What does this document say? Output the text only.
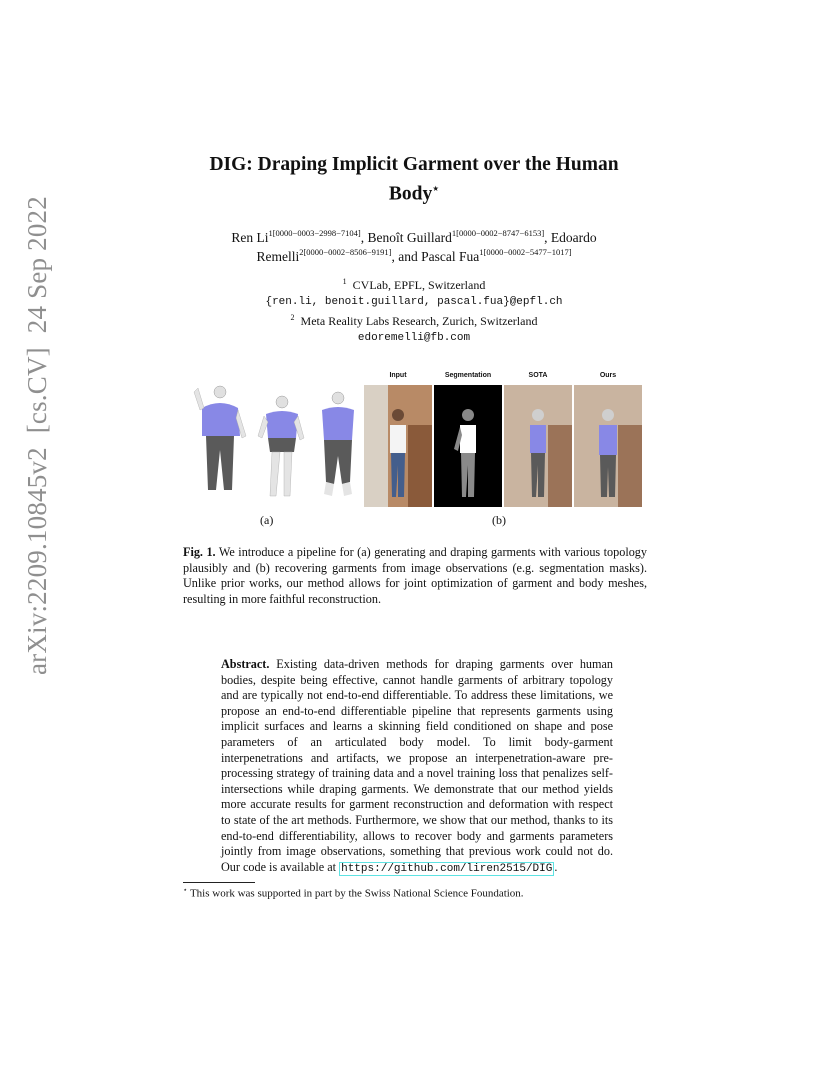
arXiv:2209.10845v2  [cs.CV]  24 Sep 2022
DIG: Draping Implicit Garment over the Human
Body⋆
Ren $Li^{1[0000-0003-2998-7104]}$, Benoît Guillard$^{1[0000-0002-8747-6153]}$, Edoardo Remelli$^{2[0000-0002-8506-9191]}$, and Pascal Fua$^{1[0000-0002-5477-1017]}$
$^1$ CVLab, EPFL, Switzerland
{ren.li, benoit.guillard, pascal.fua}@epfl.ch
$^2$ Meta Reality Labs Research, Zurich, Switzerland
edoremelli@fb.com
(a)
Input	Segmentation	SOTA	Ours
(b)
Fig. 1. We introduce a pipeline for (a) generating and draping garments with various topology plausibly and (b) recovering garments from image observations (e.g. segmentation masks). Unlike prior works, our method allows for joint optimization of garment and body meshes, resulting in more faithful reconstruction.
Abstract. Existing data-driven methods for draping garments over human bodies, despite being effective, cannot handle garments of arbitrary topology and are typically not end-to-end differentiable. To address these limitations, we propose an end-to-end differentiable pipeline that represents garments using implicit surfaces and learns a skinning field conditioned on shape and pose parameters of an articulated body model. To limit body-garment interpenetrations and artifacts, we propose an interpenetration-aware pre-processing strategy of training data and a novel training loss that penalizes self-intersections while draping garments. We demonstrate that our method yields more accurate results for garment reconstruction and deformation with respect to state of the art methods. Furthermore, we show that our method, thanks to its end-to-end differentiability, allows to recover body and garments parameters jointly from image observations, something that previous work could not do. Our code is available at https://github.com/liren2515/DIG .
⋆ This work was supported in part by the Swiss National Science Foundation.
